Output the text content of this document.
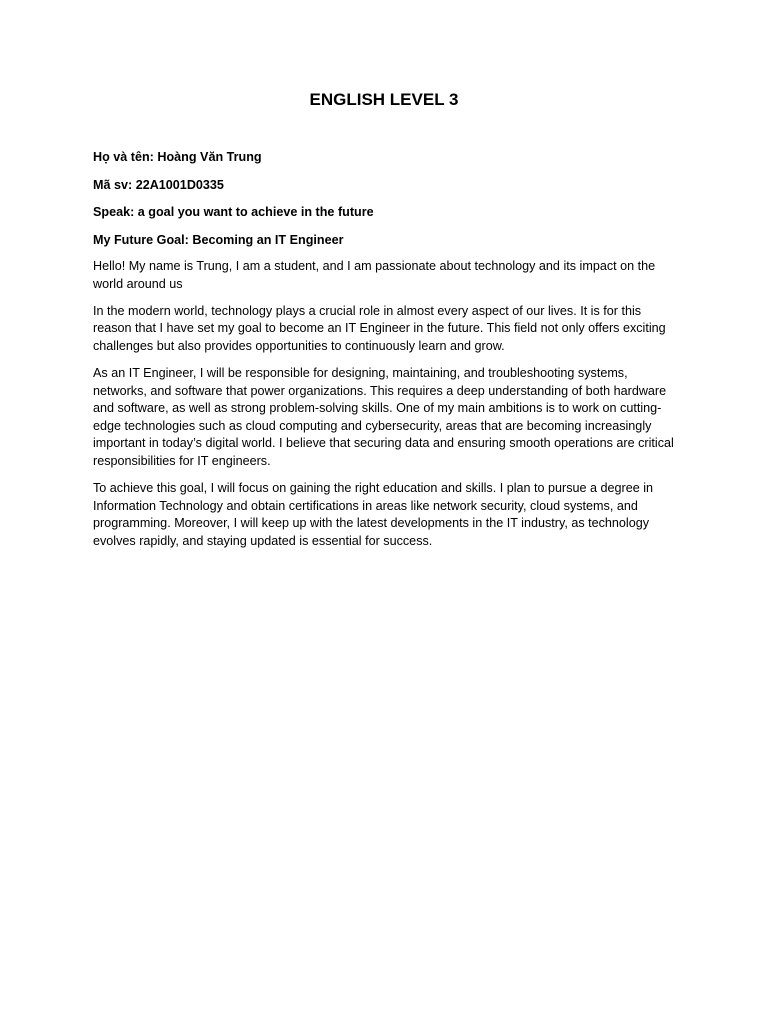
ENGLISH LEVEL 3

Họ và tên: Hoàng Văn Trung

Mã sv: 22A1001D0335

Speak: a goal you want to achieve in the future

My Future Goal: Becoming an IT Engineer

Hello! My name is Trung, I am a student, and I am passionate about technology and its impact on the world around us

In the modern world, technology plays a crucial role in almost every aspect of our lives. It is for this reason that I have set my goal to become an IT Engineer in the future. This field not only offers exciting challenges but also provides opportunities to continuously learn and grow.

As an IT Engineer, I will be responsible for designing, maintaining, and troubleshooting systems, networks, and software that power organizations. This requires a deep understanding of both hardware and software, as well as strong problem-solving skills. One of my main ambitions is to work on cutting-edge technologies such as cloud computing and cybersecurity, areas that are becoming increasingly important in today’s digital world. I believe that securing data and ensuring smooth operations are critical responsibilities for IT engineers.

To achieve this goal, I will focus on gaining the right education and skills. I plan to pursue a degree in Information Technology and obtain certifications in areas like network security, cloud systems, and programming. Moreover, I will keep up with the latest developments in the IT industry, as technology evolves rapidly, and staying updated is essential for success.
